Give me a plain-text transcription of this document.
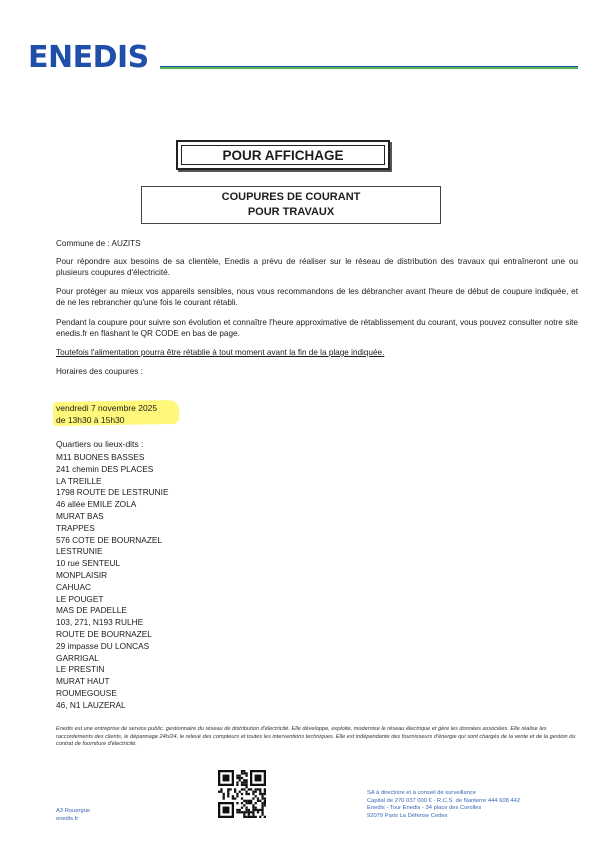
ENEDIS
POUR AFFICHAGE
COUPURES DE COURANT
POUR TRAVAUX
Commune de : AUZITS
Pour répondre aux besoins de sa clientèle, Enedis a prévu de réaliser sur le réseau de distribution des travaux qui entraîneront une ou plusieurs coupures d'électricité.
Pour protéger au mieux vos appareils sensibles, nous vous recommandons de les débrancher avant l'heure de début de coupure indiquée, et de ne les rebrancher qu'une fois le courant rétabli.
Pendant la coupure pour suivre son évolution et connaître l'heure approximative de rétablissement du courant, vous pouvez consulter notre site enedis.fr en flashant le QR CODE en bas de page.
Toutefois l'alimentation pourra être rétablie à tout moment avant la fin de la plage indiquée.
Horaires des coupures :
vendredi 7 novembre 2025
de 13h30 à 15h30
Quartiers ou lieux-dits :
M11 BUONES BASSES
241 chemin DES PLACES
LA TREILLE
1798 ROUTE DE LESTRUNIE
46 allée EMILE ZOLA
MURAT BAS
TRAPPES
576 COTE DE BOURNAZEL
LESTRUNIE
10 rue SENTEUL
MONPLAISIR
CAHUAC
LE POUGET
MAS DE PADELLE
103, 271, N193 RULHE
ROUTE DE BOURNAZEL
29 impasse DU LONCAS
GARRIGAL
LE PRESTIN
MURAT HAUT
ROUMEGOUSE
46, N1 LAUZERAL
Enedis est une entreprise de service public, gestionnaire du réseau de distribution d'électricité. Elle développe, exploite, modernise le réseau électrique et gère les données associées. Elle réalise les raccordements des clients, le dépannage 24h/24, le relevé des compteurs et toutes les interventions techniques. Elle est indépendante des fournisseurs d'énergie qui sont chargés de la vente et de la gestion du contrat de fourniture d'électricité.
SA à directoire et à conseil de surveillance
Capital de 270 037 000 € - R.C.S. de Nanterre 444 608 442
Enedis - Tour Enedis - 34 place des Corolles
92079 Paris La Défense Cedex
A3 Rouergue
enedis.fr
